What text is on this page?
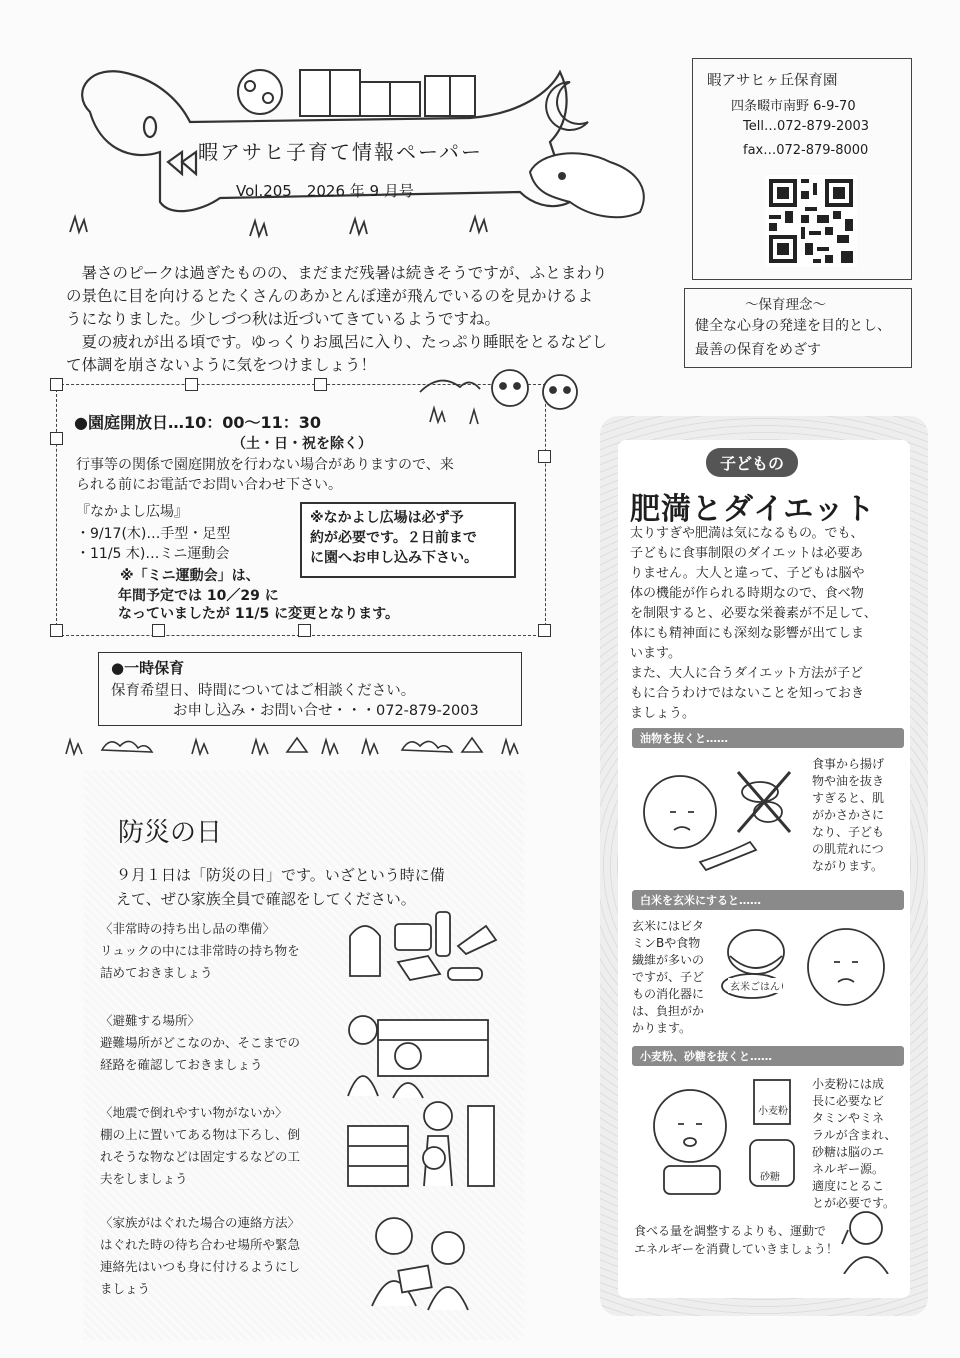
暇アサヒ子育て情報ペーパー
Vol.205　2026 年 9 月号
暇アサヒヶ丘保育園
四条畷市南野 6-9-70
Tell…072-879-2003
fax…072-879-8000
～保育理念～
健全な心身の発達を目的とし、
最善の保育をめざす

　暑さのピークは過ぎたものの、まだまだ残暑は続きそうですが、ふとまわり

の景色に目を向けるとたくさんのあかとんぼ達が飛んでいるのを見かけるよ

うになりました。少しづつ秋は近づいてきているようですね。

　夏の疲れが出る頃です。ゆっくりお風呂に入り、たっぷり睡眠をとるなどし

て体調を崩さないように気をつけましょう！

●園庭開放日…10：00～11：30
（土・日・祝を除く）
行事等の関係で園庭開放を行わない場合がありますので、来
られる前にお電話でお問い合わせ下さい。
『なかよし広場』
・9/17(木)…手型・足型
・11/5 木)…ミニ運動会
※「ミニ運動会」は、
年間予定では 10／29 に
なっていましたが 11/5 に変更となります。
※なかよし広場は必ず予
約が必要です。２日前まで
に園へお申し込み下さい。
●一時保育
保育希望日、時間についてはご相談ください。
お申し込み・お問い合せ・・・072-879-2003
防災の日
９月１日は「防災の日」です。いざという時に備
えて、ぜひ家族全員で確認をしてください。
〈非常時の持ち出し品の準備〉
リュックの中には非常時の持ち物を
詰めておきましょう
〈避難する場所〉
避難場所がどこなのか、そこまでの
経路を確認しておきましょう
〈地震で倒れやすい物がないか〉
棚の上に置いてある物は下ろし、倒
れそうな物などは固定するなどの工
夫をしましょう
〈家族がはぐれた場合の連絡方法〉
はぐれた時の待ち合わせ場所や緊急
連絡先はいつも身に付けるようにし
ましょう
子どもの
肥満とダイエット
太りすぎや肥満は気になるもの。でも、
子どもに食事制限のダイエットは必要あ
りません。大人と違って、子どもは脳や
体の機能が作られる時期なので、食べ物
を制限すると、必要な栄養素が不足して、
体にも精神面にも深刻な影響が出てしま
います。
また、大人に合うダイエット方法が子ど
もに合うわけではないことを知っておき
ましょう。
油物を抜くと……
食事から揚げ
物や油を抜き
すぎると、肌
がかさかさに
なり、子ども
の肌荒れにつ
ながります。
白米を玄米にすると……
玄米にはビタ
ミンBや食物
繊維が多いの
ですが、子ど
もの消化器に
は、負担がか
かります。
玄米ごはん
小麦粉、砂糖を抜くと……
小麦粉
砂糖
小麦粉には成
長に必要なビ
タミンやミネ
ラルが含まれ、
砂糖は脳のエ
ネルギー源。
適度にとるこ
とが必要です。
食べる量を調整するよりも、運動で
エネルギーを消費していきましょう！
